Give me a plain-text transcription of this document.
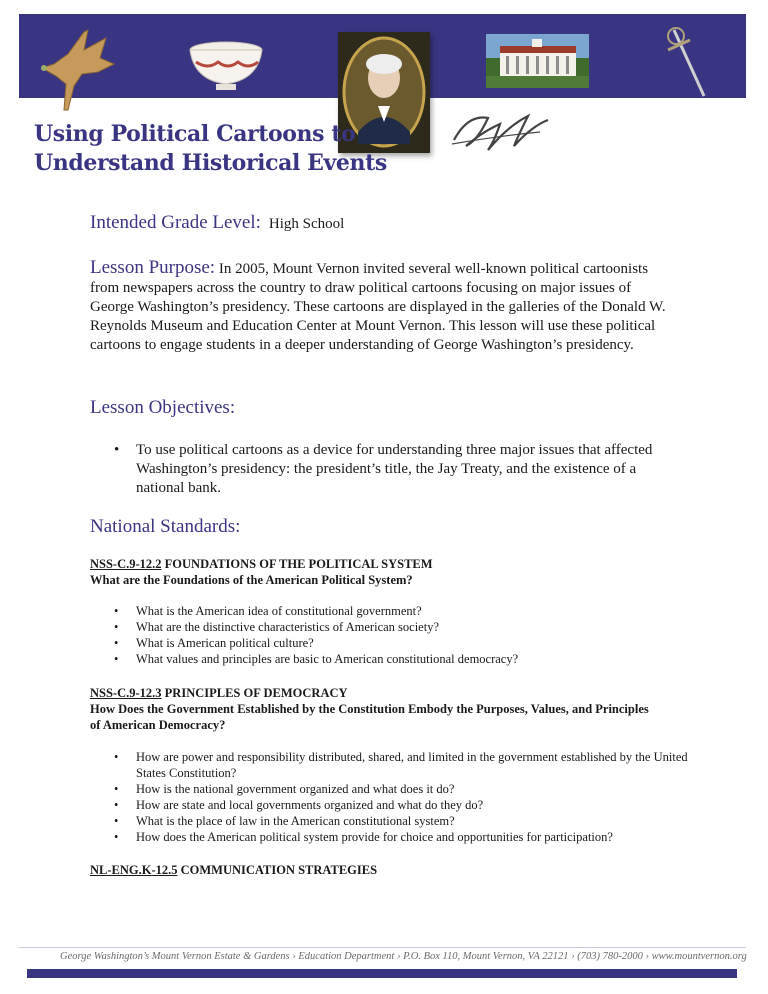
Using Political Cartoons to
Understand Historical Events
Intended Grade Level: High School
Lesson Purpose: In 2005, Mount Vernon invited several well-known political cartoonists from newspapers across the country to draw political cartoons focusing on major issues of George Washington’s presidency. These cartoons are displayed in the galleries of the Donald W. Reynolds Museum and Education Center at Mount Vernon. This lesson will use these political cartoons to engage students in a deeper understanding of George Washington’s presidency.
Lesson Objectives:
• To use political cartoons as a device for understanding three major issues that affected Washington’s presidency: the president’s title, the Jay Treaty, and the existence of a national bank.
National Standards:
NSS-C.9-12.2 FOUNDATIONS OF THE POLITICAL SYSTEM
What are the Foundations of the American Political System?
• What is the American idea of constitutional government?
• What are the distinctive characteristics of American society?
• What is American political culture?
• What values and principles are basic to American constitutional democracy?
NSS-C.9-12.3 PRINCIPLES OF DEMOCRACY
How Does the Government Established by the Constitution Embody the Purposes, Values, and Principles of American Democracy?
• How are power and responsibility distributed, shared, and limited in the government established by the United States Constitution?
• How is the national government organized and what does it do?
• How are state and local governments organized and what do they do?
• What is the place of law in the American constitutional system?
• How does the American political system provide for choice and opportunities for participation?
NL-ENG.K-12.5 COMMUNICATION STRATEGIES
George Washington’s Mount Vernon Estate & Gardens › Education Department › P.O. Box 110, Mount Vernon, VA 22121 › (703) 780-2000 › www.mountvernon.org
